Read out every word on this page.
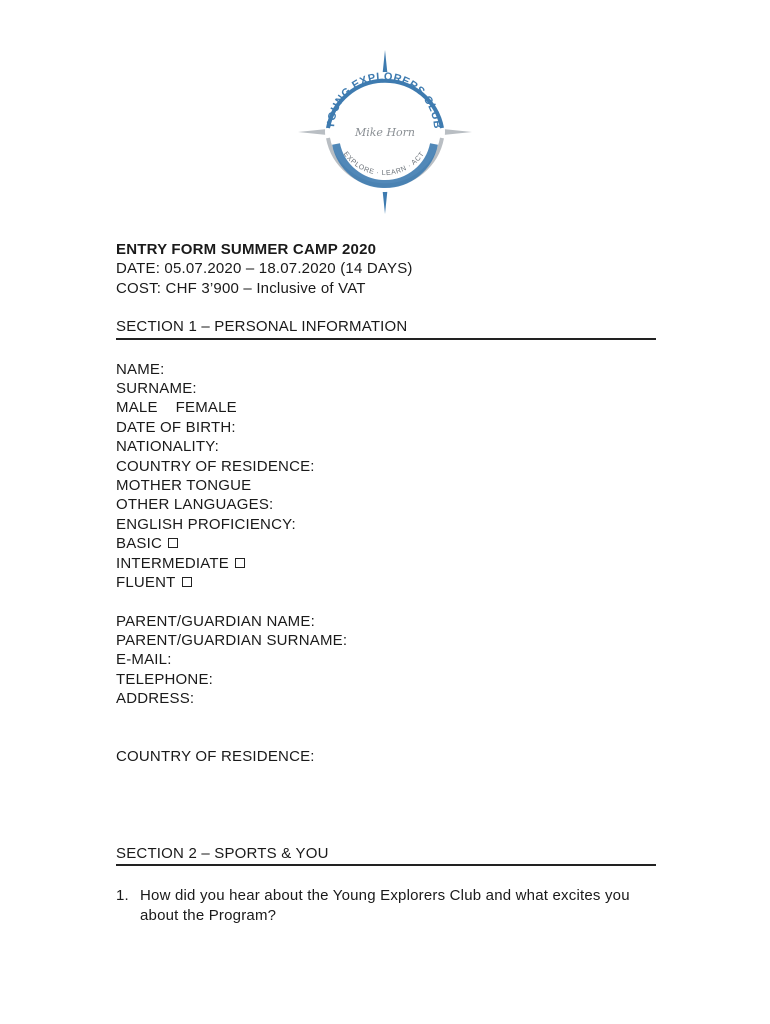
YOUNG EXPLORERS CLUB
EXPLORE · LEARN · ACT
Mike Horn
ENTRY FORM SUMMER CAMP 2020
DATE: 05.07.2020 – 18.07.2020 (14 DAYS)
COST: CHF 3’900 – Inclusive of VAT
SECTION 1 – PERSONAL INFORMATION
NAME:
SURNAME:
MALE FEMALE
DATE OF BIRTH:
NATIONALITY:
COUNTRY OF RESIDENCE:
MOTHER TONGUE
OTHER LANGUAGES:
ENGLISH PROFICIENCY:
BASIC
INTERMEDIATE
FLUENT
PARENT/GUARDIAN NAME:
PARENT/GUARDIAN SURNAME:
E-MAIL:
TELEPHONE:
ADDRESS:
COUNTRY OF RESIDENCE:
SECTION 2 – SPORTS & YOU
1. How did you hear about the Young Explorers Club and what excites you about the Program?
